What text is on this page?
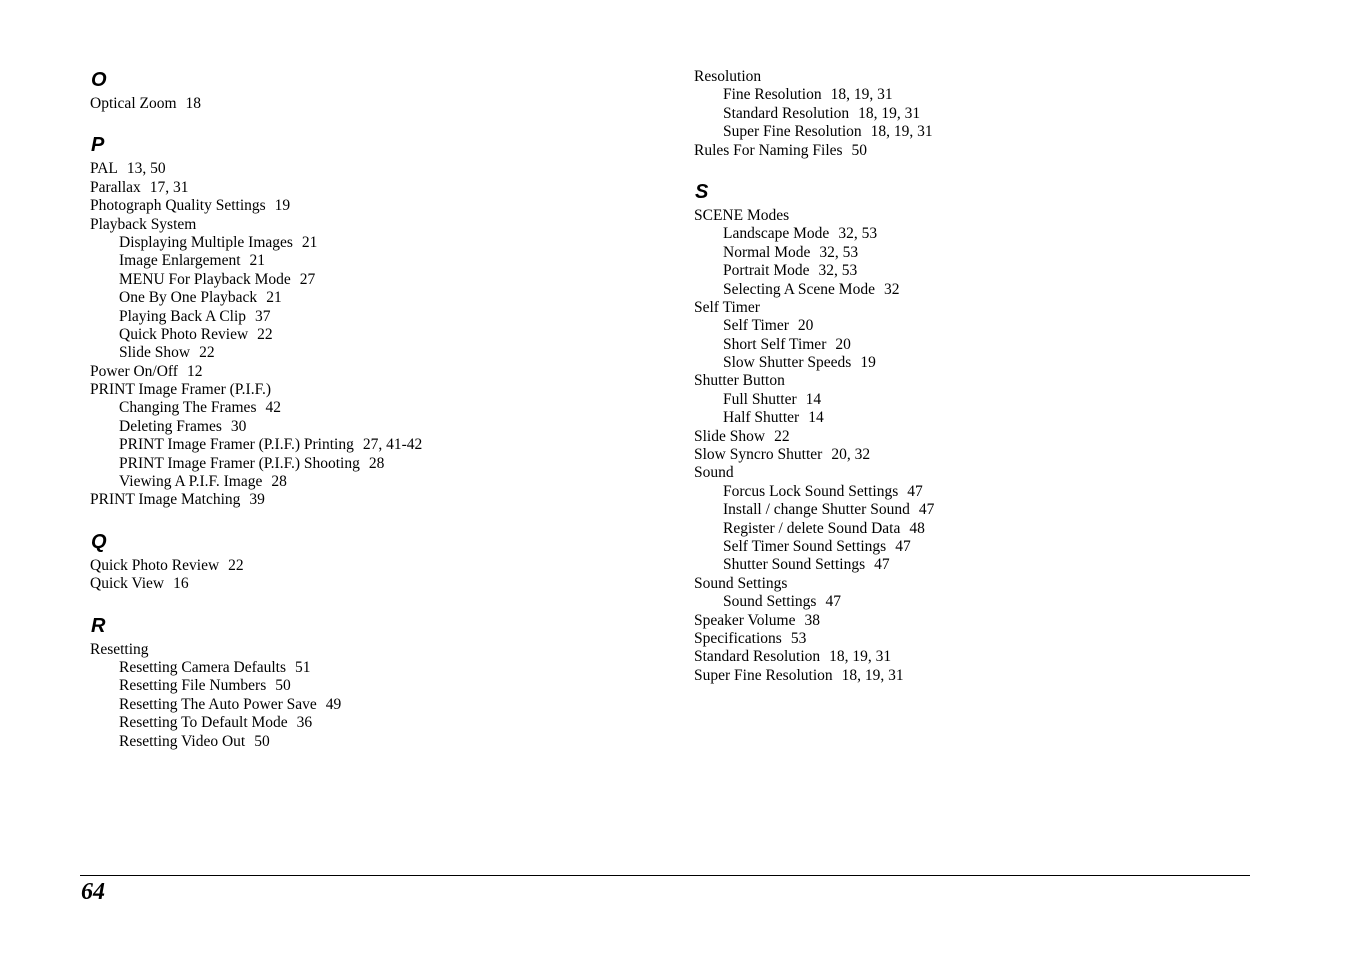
O
Optical Zoom 18
P
PAL 13, 50
Parallax 17, 31
Photograph Quality Settings 19
Playback System
Displaying Multiple Images 21
Image Enlargement 21
MENU For Playback Mode 27
One By One Playback 21
Playing Back A Clip 37
Quick Photo Review 22
Slide Show 22
Power On/Off 12
PRINT Image Framer (P.I.F.)
Changing The Frames 42
Deleting Frames 30
PRINT Image Framer (P.I.F.) Printing 27, 41-42
PRINT Image Framer (P.I.F.) Shooting 28
Viewing A P.I.F. Image 28
PRINT Image Matching 39
Q
Quick Photo Review 22
Quick View 16
R
Resetting
Resetting Camera Defaults 51
Resetting File Numbers 50
Resetting The Auto Power Save 49
Resetting To Default Mode 36
Resetting Video Out 50
Resolution
Fine Resolution 18, 19, 31
Standard Resolution 18, 19, 31
Super Fine Resolution 18, 19, 31
Rules For Naming Files 50
S
SCENE Modes
Landscape Mode 32, 53
Normal Mode 32, 53
Portrait Mode 32, 53
Selecting A Scene Mode 32
Self Timer
Self Timer 20
Short Self Timer 20
Slow Shutter Speeds 19
Shutter Button
Full Shutter 14
Half Shutter 14
Slide Show 22
Slow Syncro Shutter 20, 32
Sound
Forcus Lock Sound Settings 47
Install / change Shutter Sound 47
Register / delete Sound Data 48
Self Timer Sound Settings 47
Shutter Sound Settings 47
Sound Settings
Sound Settings 47
Speaker Volume 38
Specifications 53
Standard Resolution 18, 19, 31
Super Fine Resolution 18, 19, 31
64
